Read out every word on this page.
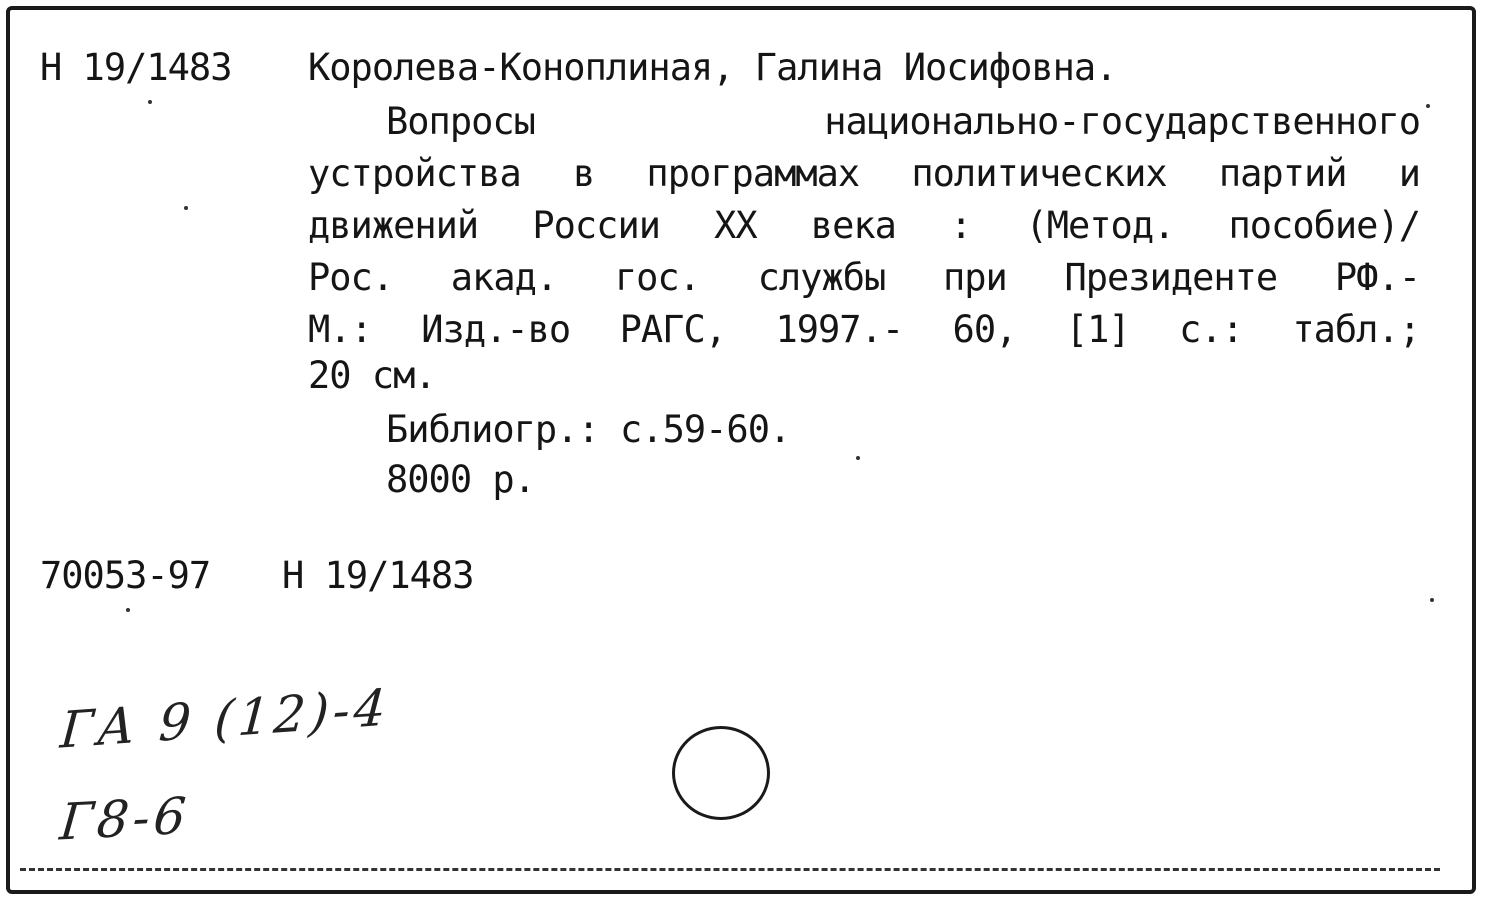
Н 19/1483 Королева-Коноплиная, Галина Иосифовна.
Вопросы национально-государственного
устройства в программах политических партий и
движений России XX века : (Метод. пособие)/
Рос. акад. гос. службы при Президенте РФ.-
М.: Изд.-во РАГС, 1997.- 60, [1] с.: табл.;
20 см.
Библиогр.: с.59-60.
8000 р.
70053-97 Н 19/1483
ГА 9 (12)-4
Г8-6
